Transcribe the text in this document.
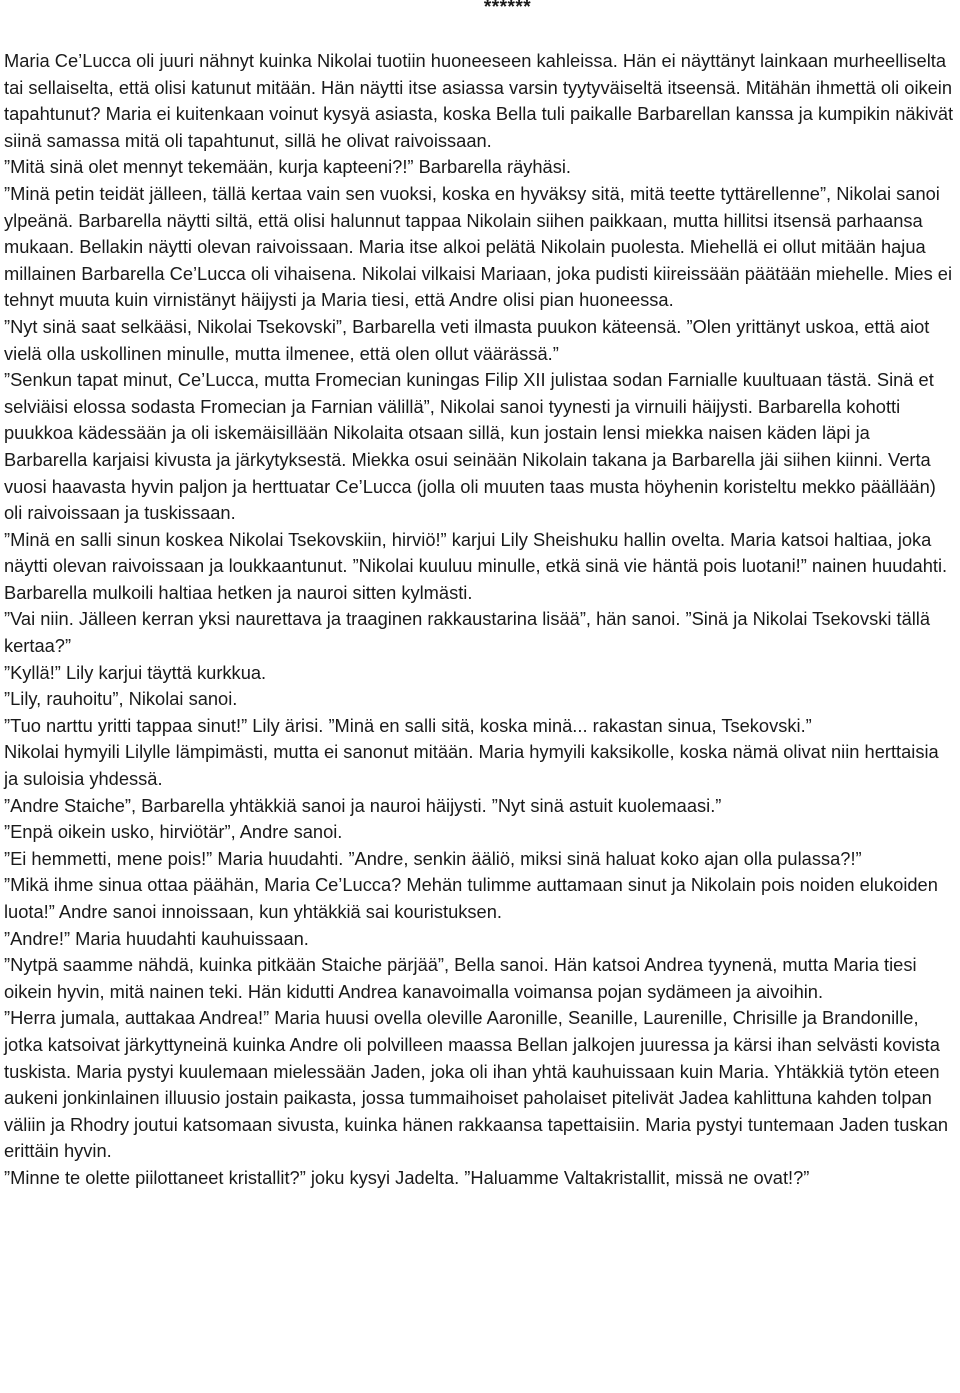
******

Maria Ce’Lucca oli juuri nähnyt kuinka Nikolai tuotiin huoneeseen kahleissa. Hän ei näyttänyt lainkaan murheelliselta tai sellaiselta, että olisi katunut mitään. Hän näytti itse asiassa varsin tyytyväiseltä itseensä. Mitähän ihmettä oli oikein tapahtunut? Maria ei kuitenkaan voinut kysyä asiasta, koska Bella tuli paikalle Barbarellan kanssa ja kumpikin näkivät siinä samassa mitä oli tapahtunut, sillä he olivat raivoissaan.

”Mitä sinä olet mennyt tekemään, kurja kapteeni?!” Barbarella räyhäsi.

”Minä petin teidät jälleen, tällä kertaa vain sen vuoksi, koska en hyväksy sitä, mitä teette tyttärellenne”, Nikolai sanoi ylpeänä. Barbarella näytti siltä, että olisi halunnut tappaa Nikolain siihen paikkaan, mutta hillitsi itsensä parhaansa mukaan. Bellakin näytti olevan raivoissaan. Maria itse alkoi pelätä Nikolain puolesta. Miehellä ei ollut mitään hajua millainen Barbarella Ce’Lucca oli vihaisena. Nikolai vilkaisi Mariaan, joka pudisti kiireissään päätään miehelle. Mies ei tehnyt muuta kuin virnistänyt häijysti ja Maria tiesi, että Andre olisi pian huoneessa.

”Nyt sinä saat selkääsi, Nikolai Tsekovski”, Barbarella veti ilmasta puukon käteensä. ”Olen yrittänyt uskoa, että aiot vielä olla uskollinen minulle, mutta ilmenee, että olen ollut väärässä.”

”Senkun tapat minut, Ce’Lucca, mutta Fromecian kuningas Filip XII julistaa sodan Farnialle kuultuaan tästä. Sinä et selviäisi elossa sodasta Fromecian ja Farnian välillä”, Nikolai sanoi tyynesti ja virnuili häijysti. Barbarella kohotti puukkoa kädessään ja oli iskemäisillään Nikolaita otsaan sillä, kun jostain lensi miekka naisen käden läpi ja Barbarella karjaisi kivusta ja järkytyksestä. Miekka osui seinään Nikolain takana ja Barbarella jäi siihen kiinni. Verta vuosi haavasta hyvin paljon ja herttuatar Ce’Lucca (jolla oli muuten taas musta höyhenin koristeltu mekko päällään) oli raivoissaan ja tuskissaan.

”Minä en salli sinun koskea Nikolai Tsekovskiin, hirviö!” karjui Lily Sheishuku hallin ovelta. Maria katsoi haltiaa, joka näytti olevan raivoissaan ja loukkaantunut. ”Nikolai kuuluu minulle, etkä sinä vie häntä pois luotani!” nainen huudahti. Barbarella mulkoili haltiaa hetken ja nauroi sitten kylmästi.

”Vai niin. Jälleen kerran yksi naurettava ja traaginen rakkaustarina lisää”, hän sanoi. ”Sinä ja Nikolai Tsekovski tällä kertaa?”

”Kyllä!” Lily karjui täyttä kurkkua.

”Lily, rauhoitu”, Nikolai sanoi.

”Tuo narttu yritti tappaa sinut!” Lily ärisi. ”Minä en salli sitä, koska minä... rakastan sinua, Tsekovski.”

Nikolai hymyili Lilylle lämpimästi, mutta ei sanonut mitään. Maria hymyili kaksikolle, koska nämä olivat niin herttaisia ja suloisia yhdessä.

”Andre Staiche”, Barbarella yhtäkkiä sanoi ja nauroi häijysti. ”Nyt sinä astuit kuolemaasi.”

”Enpä oikein usko, hirviötär”, Andre sanoi.

”Ei hemmetti, mene pois!” Maria huudahti. ”Andre, senkin ääliö, miksi sinä haluat koko ajan olla pulassa?!”

”Mikä ihme sinua ottaa päähän, Maria Ce’Lucca? Mehän tulimme auttamaan sinut ja Nikolain pois noiden elukoiden luota!” Andre sanoi innoissaan, kun yhtäkkiä sai kouristuksen.

”Andre!” Maria huudahti kauhuissaan.

”Nytpä saamme nähdä, kuinka pitkään Staiche pärjää”, Bella sanoi. Hän katsoi Andrea tyynenä, mutta Maria tiesi oikein hyvin, mitä nainen teki. Hän kidutti Andrea kanavoimalla voimansa pojan sydämeen ja aivoihin.

”Herra jumala, auttakaa Andrea!” Maria huusi ovella oleville Aaronille, Seanille, Laurenille, Chrisille ja Brandonille, jotka katsoivat järkyttyneinä kuinka Andre oli polvilleen maassa Bellan jalkojen juuressa ja kärsi ihan selvästi kovista tuskista. Maria pystyi kuulemaan mielessään Jaden, joka oli ihan yhtä kauhuissaan kuin Maria. Yhtäkkiä tytön eteen aukeni jonkinlainen illuusio jostain paikasta, jossa tummaihoiset paholaiset pitelivät Jadea kahlittuna kahden tolpan väliin ja Rhodry joutui katsomaan sivusta, kuinka hänen rakkaansa tapettaisiin. Maria pystyi tuntemaan Jaden tuskan erittäin hyvin.

”Minne te olette piilottaneet kristallit?” joku kysyi Jadelta. ”Haluamme Valtakristallit, missä ne ovat!?”
